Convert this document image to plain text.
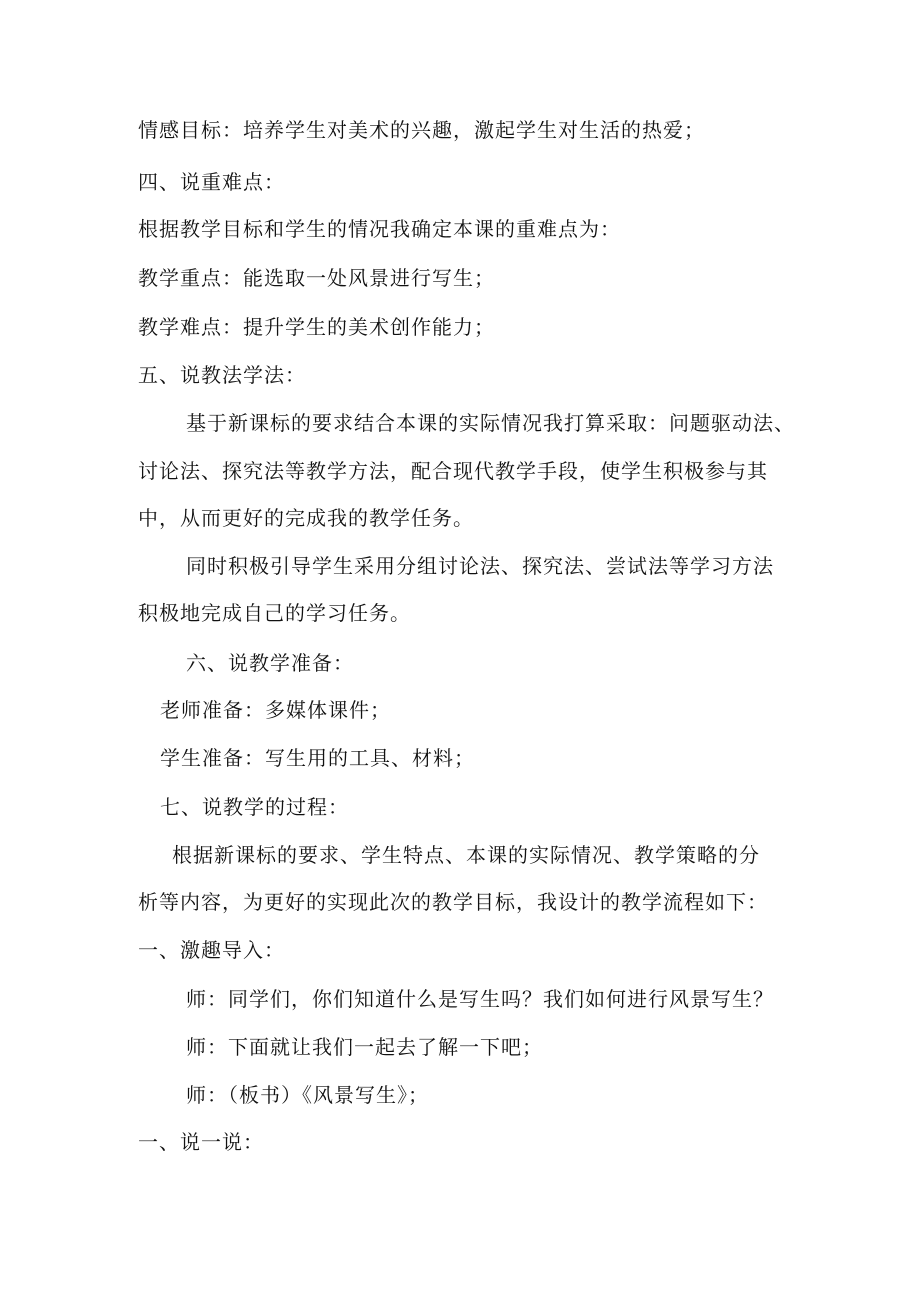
情感目标：培养学生对美术的兴趣，激起学生对生活的热爱；
四、说重难点：
根据教学目标和学生的情况我确定本课的重难点为：
教学重点：能选取一处风景进行写生；
教学难点：提升学生的美术创作能力；
五、说教法学法：
基于新课标的要求结合本课的实际情况我打算采取：问题驱动法、
讨论法、探究法等教学方法，配合现代教学手段，使学生积极参与其
中，从而更好的完成我的教学任务。
同时积极引导学生采用分组讨论法、探究法、尝试法等学习方法
积极地完成自己的学习任务。
六、说教学准备：
老师准备：多媒体课件；
学生准备：写生用的工具、材料；
七、说教学的过程：
根据新课标的要求、学生特点、本课的实际情况、教学策略的分
析等内容，为更好的实现此次的教学目标，我设计的教学流程如下：
一、激趣导入：
师：同学们，你们知道什么是写生吗？我们如何进行风景写生？
师：下面就让我们一起去了解一下吧；
师：（板书）《风景写生》；
一、说一说：
